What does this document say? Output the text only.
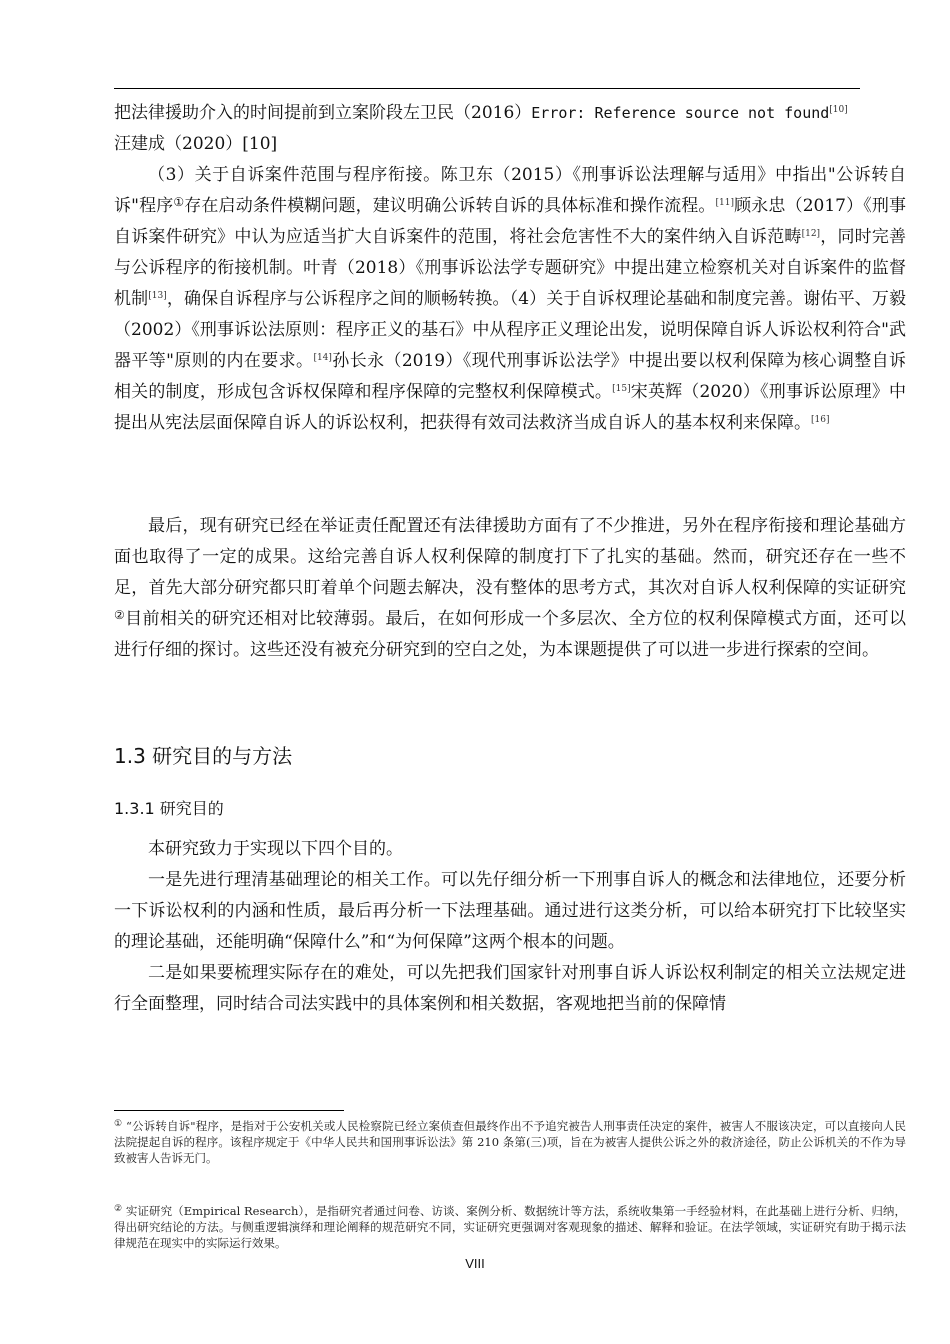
把法律援助介入的时间提前到立案阶段左卫民（2016）Error: Reference source not found[10]

汪建成（2020）[10]

（3）关于自诉案件范围与程序衔接。陈卫东（2015）《刑事诉讼法理解与适用》中指出"公诉转自诉"程序①存在启动条件模糊问题，建议明确公诉转自诉的具体标准和操作流程。[11]顾永忠（2017）《刑事自诉案件研究》中认为应适当扩大自诉案件的范围，将社会危害性不大的案件纳入自诉范畴[12]，同时完善与公诉程序的衔接机制。叶青（2018）《刑事诉讼法学专题研究》中提出建立检察机关对自诉案件的监督机制[13]，确保自诉程序与公诉程序之间的顺畅转换。（4）关于自诉权理论基础和制度完善。谢佑平、万毅（2002）《刑事诉讼法原则：程序正义的基石》中从程序正义理论出发，说明保障自诉人诉讼权利符合"武器平等"原则的内在要求。[14]孙长永（2019）《现代刑事诉讼法学》中提出要以权利保障为核心调整自诉相关的制度，形成包含诉权保障和程序保障的完整权利保障模式。[15]宋英辉（2020）《刑事诉讼原理》中提出从宪法层面保障自诉人的诉讼权利，把获得有效司法救济当成自诉人的基本权利来保障。[16]

最后，现有研究已经在举证责任配置还有法律援助方面有了不少推进，另外在程序衔接和理论基础方面也取得了一定的成果。这给完善自诉人权利保障的制度打下了扎实的基础。然而，研究还存在一些不足，首先大部分研究都只盯着单个问题去解决，没有整体的思考方式，其次对自诉人权利保障的实证研究②目前相关的研究还相对比较薄弱。最后，在如何形成一个多层次、全方位的权利保障模式方面，还可以进行仔细的探讨。这些还没有被充分研究到的空白之处，为本课题提供了可以进一步进行探索的空间。

1.3 研究目的与方法
1.3.1 研究目的

本研究致力于实现以下四个目的。

一是先进行理清基础理论的相关工作。可以先仔细分析一下刑事自诉人的概念和法律地位，还要分析一下诉讼权利的内涵和性质，最后再分析一下法理基础。通过进行这类分析，可以给本研究打下比较坚实的理论基础，还能明确“保障什么”和“为何保障”这两个根本的问题。

二是如果要梳理实际存在的难处，可以先把我们国家针对刑事自诉人诉讼权利制定的相关立法规定进行全面整理，同时结合司法实践中的具体案例和相关数据，客观地把当前的保障情

① “公诉转自诉"程序，是指对于公安机关或人民检察院已经立案侦查但最终作出不予追究被告人刑事责任决定的案件，被害人不服该决定，可以直接向人民法院提起自诉的程序。该程序规定于《中华人民共和国刑事诉讼法》第 210 条第(三)项，旨在为被害人提供公诉之外的救济途径，防止公诉机关的不作为导致被害人告诉无门。
② 实证研究（Empirical Research），是指研究者通过问卷、访谈、案例分析、数据统计等方法，系统收集第一手经验材料，在此基础上进行分析、归纳，得出研究结论的方法。与侧重逻辑演绎和理论阐释的规范研究不同，实证研究更强调对客观现象的描述、解释和验证。在法学领域，实证研究有助于揭示法律规范在现实中的实际运行效果。
VIII
